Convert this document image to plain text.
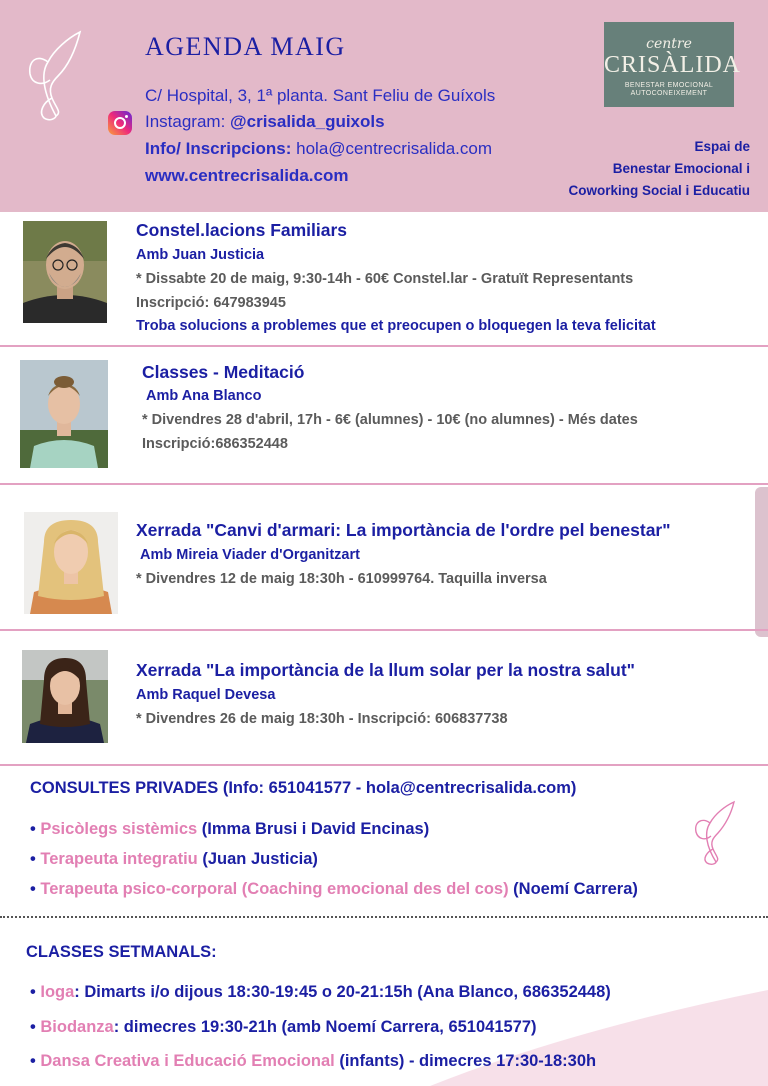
AGENDA MAIG
C/ Hospital, 3, 1ª planta. Sant Feliu de Guíxols
Instagram: @crisalida_guixols
Info/ Inscripcions: hola@centrecrisalida.com
www.centrecrisalida.com
centre
CRISÀLIDA
BENESTAR EMOCIONAL
AUTOCONEIXEMENT
Espai de
Benestar Emocional i
Coworking Social i Educatiu
Constel.lacions Familiars
Amb Juan Justicia
* Dissabte 20 de maig, 9:30-14h - 60€ Constel.lar - Gratuït Representants
Inscripció: 647983945
Troba solucions a problemes que et preocupen o bloquegen la teva felicitat
Classes - Meditació
Amb Ana Blanco
* Divendres 28 d'abril, 17h - 6€ (alumnes) - 10€ (no alumnes) - Més dates
Inscripció:686352448
Xerrada "Canvi d'armari: La importància de l'ordre pel benestar"
Amb Mireia Viader d'Organitzart
* Divendres 12 de maig 18:30h - 610999764. Taquilla inversa
Xerrada "La importància de la llum solar per la nostra salut"
Amb Raquel Devesa
* Divendres 26 de maig 18:30h - Inscripció: 606837738
CONSULTES PRIVADES (Info: 651041577 - hola@centrecrisalida.com)
• Psicòlegs sistèmics (Imma Brusi i David Encinas)
• Terapeuta integratiu (Juan Justicia)
• Terapeuta psico-corporal (Coaching emocional des del cos) (Noemí Carrera)
CLASSES SETMANALS:
• Ioga: Dimarts i/o dijous 18:30-19:45 o 20-21:15h (Ana Blanco, 686352448)
• Biodanza: dimecres 19:30-21h (amb Noemí Carrera, 651041577)
• Dansa Creativa i Educació Emocional (infants) - dimecres 17:30-18:30h
